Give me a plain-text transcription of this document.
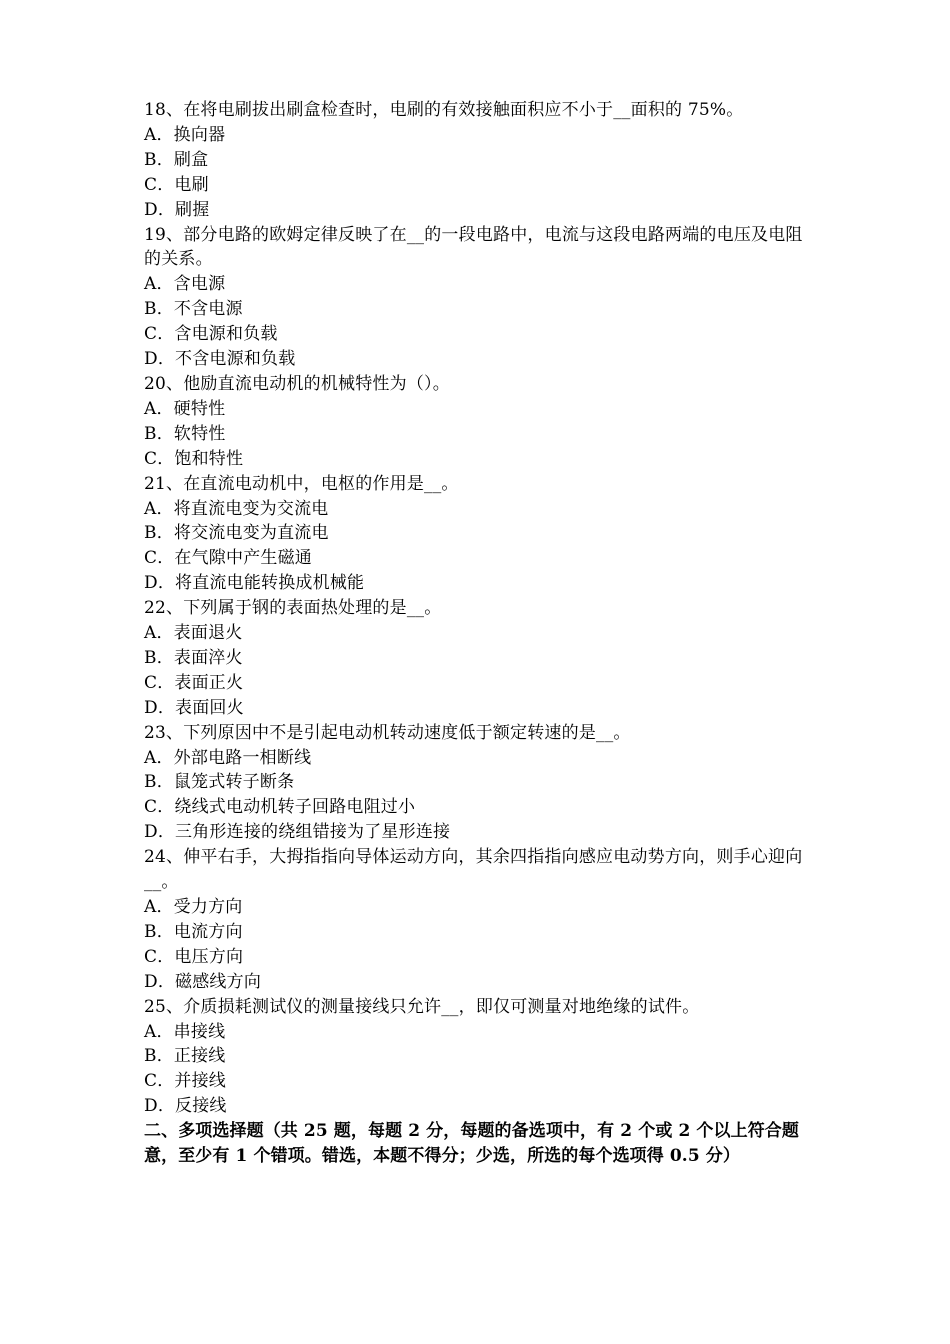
18、在将电刷拔出刷盒检查时，电刷的有效接触面积应不小于__面积的 75%。
A．换向器
B．刷盒
C．电刷
D．刷握
19、部分电路的欧姆定律反映了在__的一段电路中，电流与这段电路两端的电压及电阻的关系。
A．含电源
B．不含电源
C．含电源和负载
D．不含电源和负载
20、他励直流电动机的机械特性为（）。
A．硬特性
B．软特性
C．饱和特性
21、在直流电动机中，电枢的作用是__。
A．将直流电变为交流电
B．将交流电变为直流电
C．在气隙中产生磁通
D．将直流电能转换成机械能
22、下列属于钢的表面热处理的是__。
A．表面退火
B．表面淬火
C．表面正火
D．表面回火
23、下列原因中不是引起电动机转动速度低于额定转速的是__。
A．外部电路一相断线
B．鼠笼式转子断条
C．绕线式电动机转子回路电阻过小
D．三角形连接的绕组错接为了星形连接
24、伸平右手，大拇指指向导体运动方向，其余四指指向感应电动势方向，则手心迎向__。
A．受力方向
B．电流方向
C．电压方向
D．磁感线方向
25、介质损耗测试仪的测量接线只允许__，即仅可测量对地绝缘的试件。
A．串接线
B．正接线
C．并接线
D．反接线
二、多项选择题（共 25 题，每题 2 分，每题的备选项中，有 2 个或 2 个以上符合题意，至少有 1 个错项。错选，本题不得分；少选，所选的每个选项得 0.5 分）
